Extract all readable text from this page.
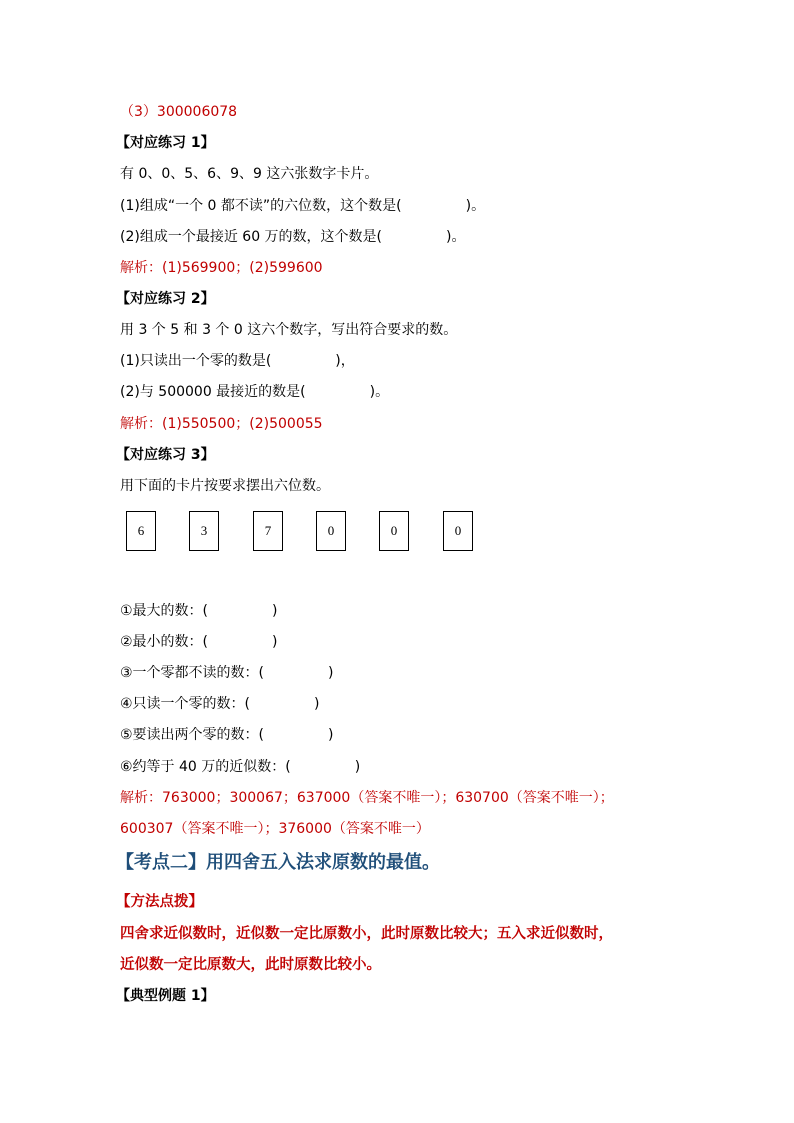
（3）300006078
【对应练习 1】
有 0、0、5、6、9、9 这六张数字卡片。
(1)组成“一个 0 都不读”的六位数，这个数是(	)。
(2)组成一个最接近 60 万的数，这个数是(	)。
解析：(1)569900；(2)599600
【对应练习 2】
用 3 个 5 和 3 个 0 这六个数字，写出符合要求的数。
(1)只读出一个零的数是(	)，
(2)与 500000 最接近的数是(	)。
解析：(1)550500；(2)500055
【对应练习 3】
用下面的卡片按要求摆出六位数。
6	3	7	0	0	0
①最大的数：(	)
②最小的数：(	)
③一个零都不读的数：(	)
④只读一个零的数：(	)
⑤要读出两个零的数：(	)
⑥约等于 40 万的近似数：(	)
解析：763000；300067；637000（答案不唯一）；630700（答案不唯一）；
600307（答案不唯一）；376000（答案不唯一）
【考点二】用四舍五入法求原数的最值。
【方法点拨】
四舍求近似数时，近似数一定比原数小，此时原数比较大；五入求近似数时，
近似数一定比原数大，此时原数比较小。
【典型例题 1】
